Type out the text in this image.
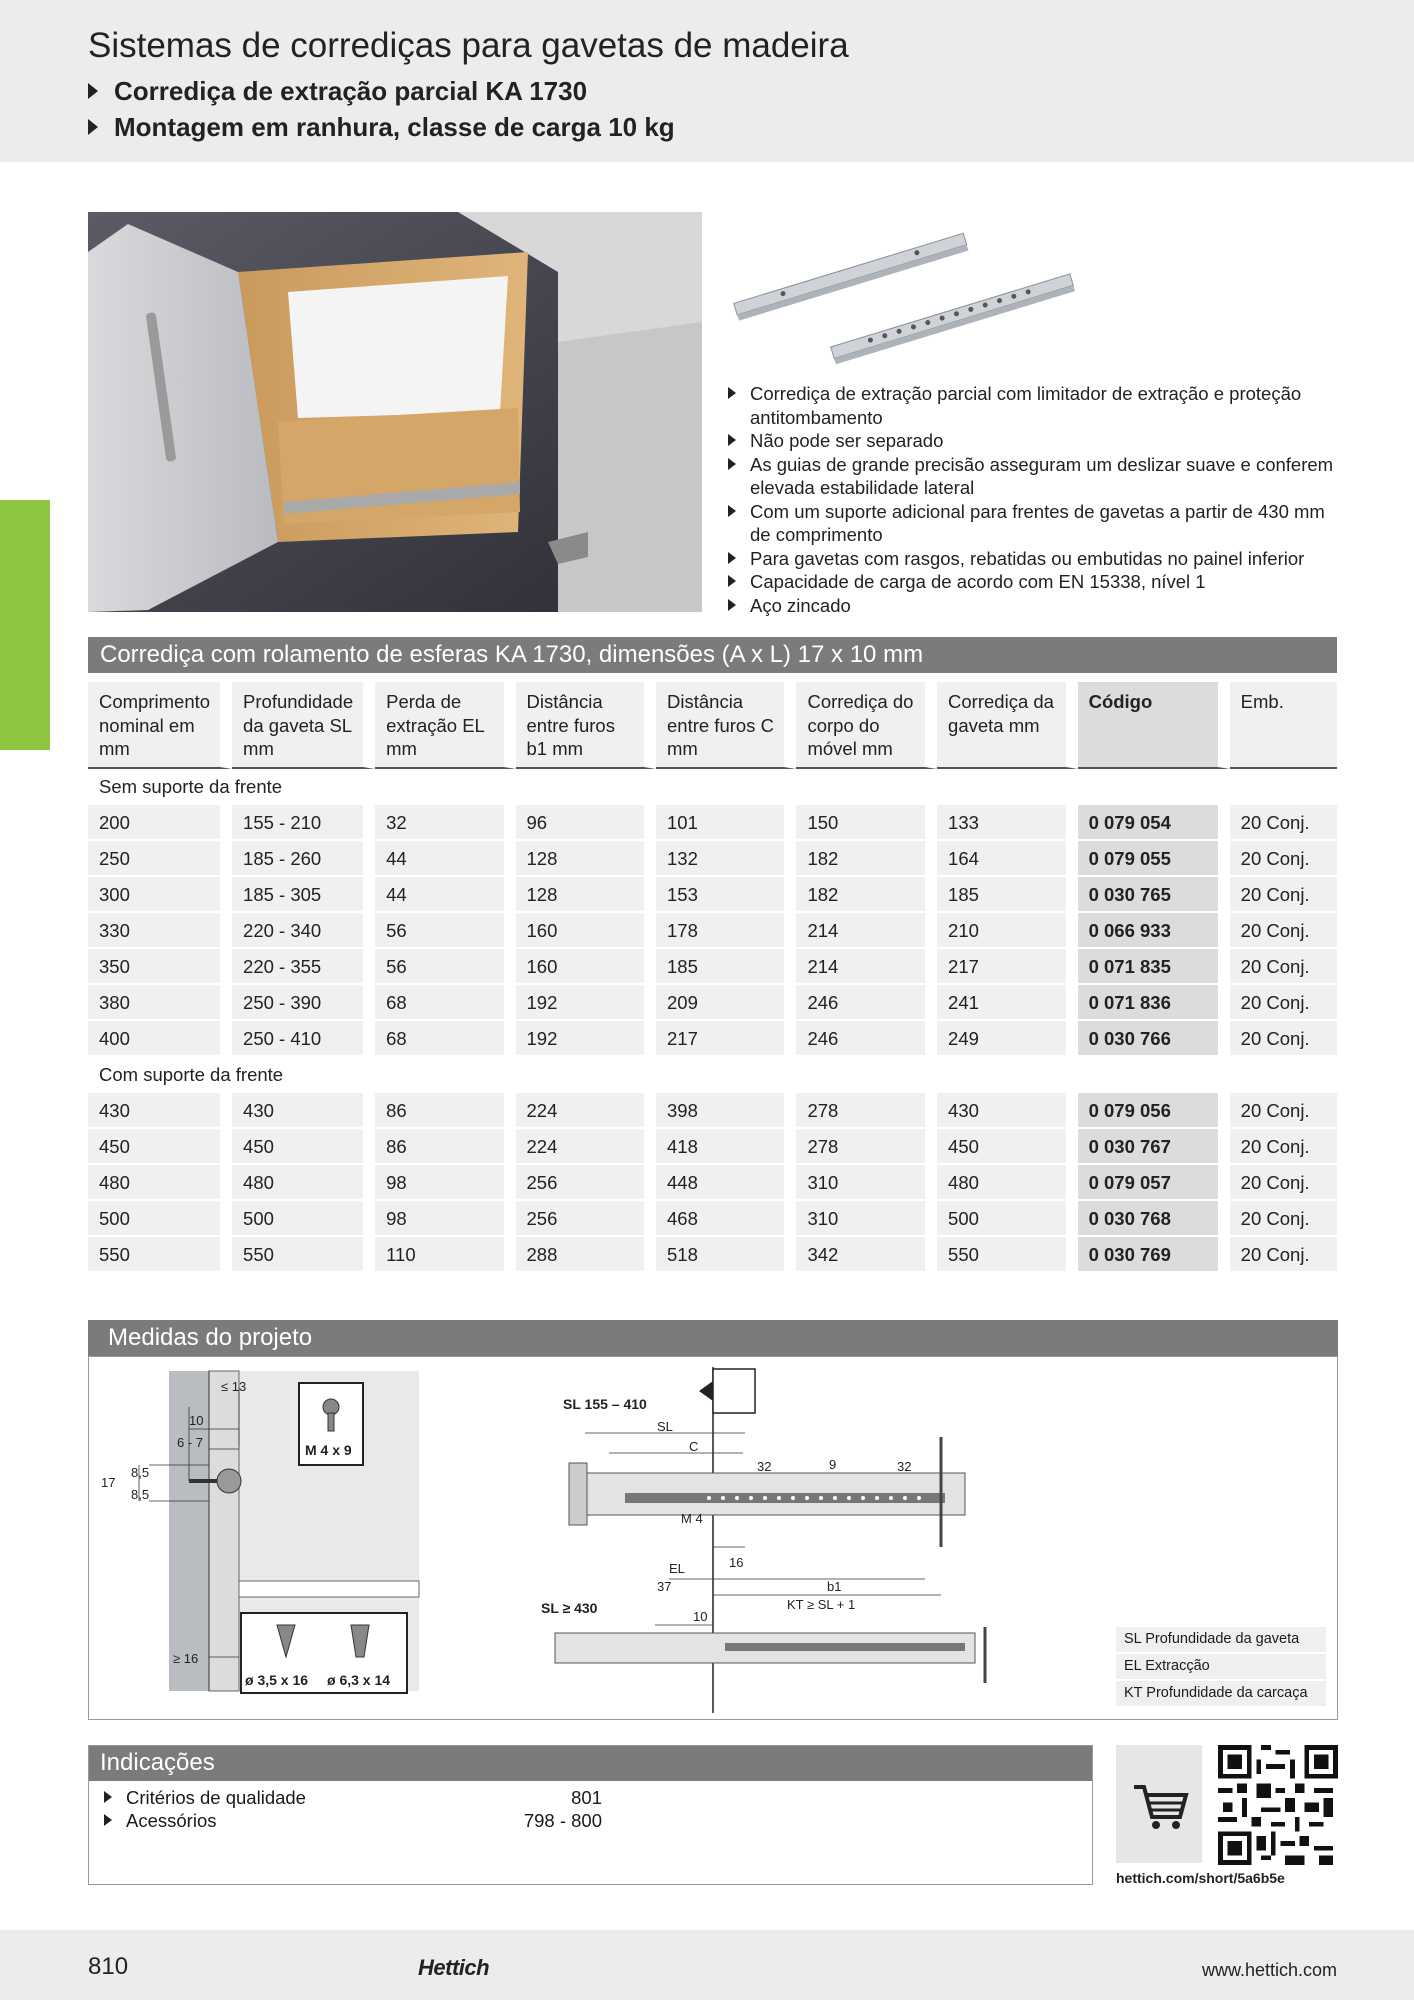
Sistemas de corrediças para gavetas de madeira
Corrediça de extração parcial KA 1730
Montagem em ranhura, classe de carga 10 kg
Corrediça de extração parcial com limitador de extração e proteção antitombamento
Não pode ser separado
As guias de grande precisão asseguram um deslizar suave e conferem elevada estabilidade lateral
Com um suporte adicional para frentes de gavetas a partir de 430 mm de comprimento
Para gavetas com rasgos, rebatidas ou embutidas no painel inferior
Capacidade de carga de acordo com EN 15338, nível 1
Aço zincado
Corrediça com rolamento de esferas KA 1730, dimensões (A x L) 17 x 10 mm
Comprimento nominal em mm	Profundidade da gaveta SL mm	Perda de extração EL mm	Distância entre furos b1 mm	Distância entre furos C mm	Corrediça do corpo do móvel mm	Corrediça da gaveta mm	Código	Emb.
Sem suporte da frente								
200	155 - 210	32	96	101	150	133	0 079 054	20 Conj.
250	185 - 260	44	128	132	182	164	0 079 055	20 Conj.
300	185 - 305	44	128	153	182	185	0 030 765	20 Conj.
330	220 - 340	56	160	178	214	210	0 066 933	20 Conj.
350	220 - 355	56	160	185	214	217	0 071 835	20 Conj.
380	250 - 390	68	192	209	246	241	0 071 836	20 Conj.
400	250 - 410	68	192	217	246	249	0 030 766	20 Conj.
Com suporte da frente								
430	430	86	224	398	278	430	0 079 056	20 Conj.
450	450	86	224	418	278	450	0 030 767	20 Conj.
480	480	98	256	448	310	480	0 079 057	20 Conj.
500	500	98	256	468	310	500	0 030 768	20 Conj.
550	550	110	288	518	342	550	0 030 769	20 Conj.
Medidas do projeto
≤ 13
10
6 - 7
17
8,5
8,5
≥ 16
M 4 x 9
ø 3,5 x 16 ø 6,3 x 14
SL 155 – 410
SL
C
32	9	32
M 4
16
EL
37	b1
KT ≥ SL + 1
SL ≥ 430
10
SL Profundidade da gaveta
EL Extracção
KT Profundidade da carcaça
Indicações
Critérios de qualidade	801
Acessórios	798 - 800
hettich.com/short/5a6b5e
810	Hettich	www.hettich.com
